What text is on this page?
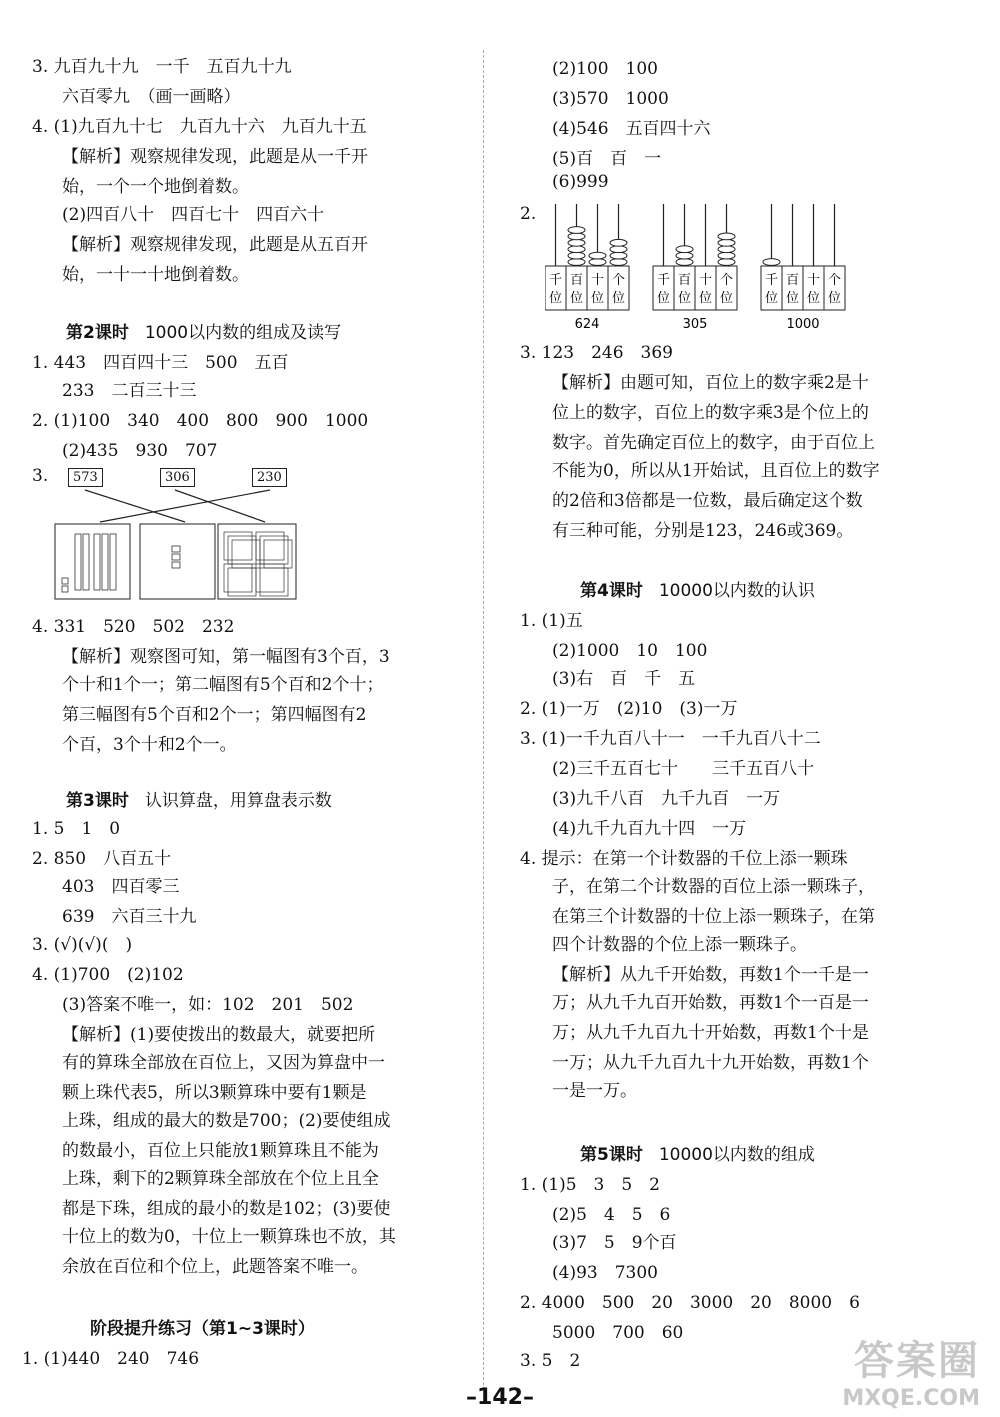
3. 九百九十九　一千　五百九十九
六百零九　（画一画略）
4. (1)九百九十七　九百九十六　九百九十五
【解析】观察规律发现，此题是从一千开
始，一个一个地倒着数。
(2)四百八十　四百七十　四百六十
【解析】观察规律发现，此题是从五百开
始，一十一十地倒着数。
第2课时 1000以内数的组成及读写
1. 443　四百四十三　500　五百
233　二百三十三
2. (1)100　340　400　800　900　1000
(2)435　930　707
3.	573	306	230
4. 331　520　502　232
【解析】观察图可知，第一幅图有3个百，3
个十和1个一；第二幅图有5个百和2个十；
第三幅图有5个百和2个一；第四幅图有2
个百，3个十和2个一。
第3课时 认识算盘，用算盘表示数
1. 5　1　0
2. 850　八百五十
403　四百零三
639　六百三十九
3. (√)(√)(　)
4. (1)700　(2)102
(3)答案不唯一，如：102　201　502
【解析】(1)要使拨出的数最大，就要把所
有的算珠全部放在百位上，又因为算盘中一
颗上珠代表5，所以3颗算珠中要有1颗是
上珠，组成的最大的数是700；(2)要使组成
的数最小，百位上只能放1颗算珠且不能为
上珠，剩下的2颗算珠全部放在个位上且全
都是下珠，组成的最小的数是102；(3)要使
十位上的数为0，十位上一颗算珠也不放，其
余放在百位和个位上，此题答案不唯一。
阶段提升练习（第1~3课时）
1. (1)440　240　746
(2)100　100
(3)570　1000
(4)546　五百四十六
(5)百　百　一
(6)999
2.
千
位
百
位
十
位
个
位
624
千
位
百
位
十
位
个
位
305
千
位
百
位
十
位
个
位
1000
3. 123　246　369
【解析】由题可知，百位上的数字乘2是十
位上的数字，百位上的数字乘3是个位上的
数字。首先确定百位上的数字，由于百位上
不能为0，所以从1开始试，且百位上的数字
的2倍和3倍都是一位数，最后确定这个数
有三种可能，分别是123，246或369。
第4课时 10000以内数的认识
1. (1)五
(2)1000　10　100
(3)右　百　千　五
2. (1)一万　(2)10　(3)一万
3. (1)一千九百八十一　一千九百八十二
(2)三千五百七十　　三千五百八十
(3)九千八百　九千九百　一万
(4)九千九百九十四　一万
4. 提示：在第一个计数器的千位上添一颗珠
子，在第二个计数器的百位上添一颗珠子，
在第三个计数器的十位上添一颗珠子，在第
四个计数器的个位上添一颗珠子。
【解析】从九千开始数，再数1个一千是一
万；从九千九百开始数，再数1个一百是一
万；从九千九百九十开始数，再数1个十是
一万；从九千九百九十九开始数，再数1个
一是一万。
第5课时 10000以内数的组成
1. (1)5　3　5　2
(2)5　4　5　6
(3)7　5　9个百
(4)93　7300
2. 4000　500　20　3000　20　8000　6
5000　700　60
3. 5　2
–142–
答案圈
MXQE.COM
